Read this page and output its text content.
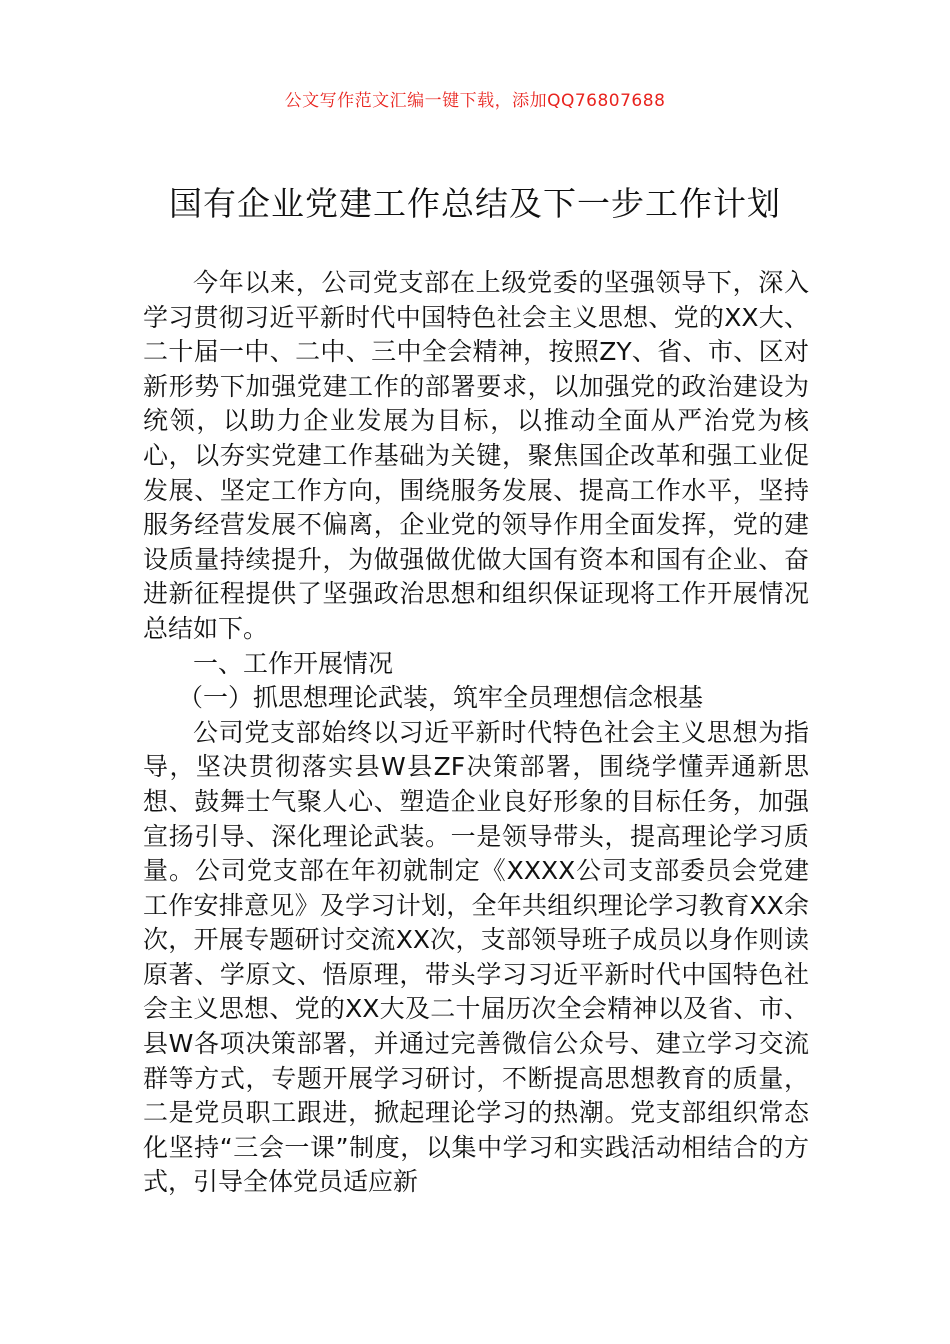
公文写作范文汇编一键下载，添加QQ76807688
国有企业党建工作总结及下一步工作计划

今年以来，公司党支部在上级党委的坚强领导下，深入学习贯彻习近平新时代中国特色社会主义思想、党的XX大、二十届一中、二中、三中全会精神，按照ZY、省、市、区对新形势下加强党建工作的部署要求，以加强党的政治建设为统领，以助力企业发展为目标，以推动全面从严治党为核心，以夯实党建工作基础为关键，聚焦国企改革和强工业促发展、坚定工作方向，围绕服务发展、提高工作水平，坚持服务经营发展不偏离，企业党的领导作用全面发挥，党的建设质量持续提升，为做强做优做大国有资本和国有企业、奋进新征程提供了坚强政治思想和组织保证现将工作开展情况总结如下。

一、工作开展情况

（一）抓思想理论武装，筑牢全员理想信念根基

公司党支部始终以习近平新时代特色社会主义思想为指导，坚决贯彻落实县W县ZF决策部署，围绕学懂弄通新思想、鼓舞士气聚人心、塑造企业良好形象的目标任务，加强宣扬引导、深化理论武装。一是领导带头，提高理论学习质量。公司党支部在年初就制定《XXXX公司支部委员会党建工作安排意见》及学习计划，全年共组织理论学习教育XX余次，开展专题研讨交流XX次，支部领导班子成员以身作则读原著、学原文、悟原理，带头学习习近平新时代中国特色社会主义思想、党的XX大及二十届历次全会精神以及省、市、县W各项决策部署，并通过完善微信公众号、建立学习交流群等方式，专题开展学习研讨，不断提高思想教育的质量，二是党员职工跟进，掀起理论学习的热潮。党支部组织常态化坚持“三会一课”制度，以集中学习和实践活动相结合的方式，引导全体党员适应新
